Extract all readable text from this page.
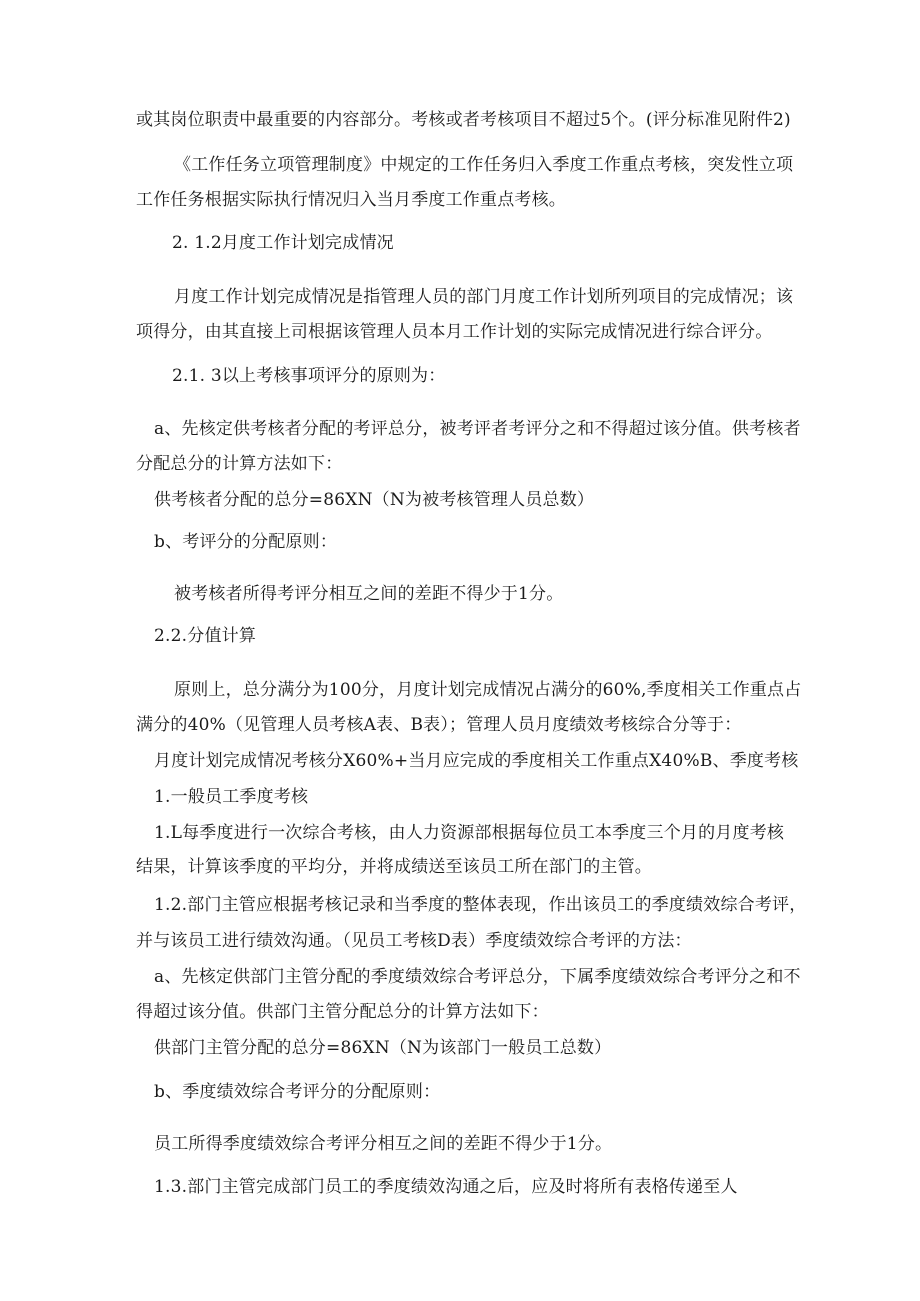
或其岗位职责中最重要的内容部分。考核或者考核项目不超过5个。(评分标准见附件2)
《工作任务立项管理制度》中规定的工作任务归入季度工作重点考核，突发性立项
工作任务根据实际执行情况归入当月季度工作重点考核。
2. 1.2月度工作计划完成情况
月度工作计划完成情况是指管理人员的部门月度工作计划所列项目的完成情况；该
项得分，由其直接上司根据该管理人员本月工作计划的实际完成情况进行综合评分。
2.1. 3以上考核事项评分的原则为：
a、先核定供考核者分配的考评总分，被考评者考评分之和不得超过该分值。供考核者
分配总分的计算方法如下：
供考核者分配的总分=86XN（N为被考核管理人员总数）
b、考评分的分配原则：
被考核者所得考评分相互之间的差距不得少于1分。
2.2.分值计算
原则上，总分满分为100分，月度计划完成情况占满分的60%,季度相关工作重点占
满分的40%（见管理人员考核A表、B表）；管理人员月度绩效考核综合分等于：
月度计划完成情况考核分X60%+当月应完成的季度相关工作重点X40%B、季度考核
1.一般员工季度考核
1.L每季度进行一次综合考核，由人力资源部根据每位员工本季度三个月的月度考核
结果，计算该季度的平均分，并将成绩送至该员工所在部门的主管。
1.2.部门主管应根据考核记录和当季度的整体表现，作出该员工的季度绩效综合考评，
并与该员工进行绩效沟通。（见员工考核D表）季度绩效综合考评的方法：
a、先核定供部门主管分配的季度绩效综合考评总分，下属季度绩效综合考评分之和不
得超过该分值。供部门主管分配总分的计算方法如下：
供部门主管分配的总分=86XN（N为该部门一般员工总数）
b、季度绩效综合考评分的分配原则：
员工所得季度绩效综合考评分相互之间的差距不得少于1分。
1.3.部门主管完成部门员工的季度绩效沟通之后，应及时将所有表格传递至人
